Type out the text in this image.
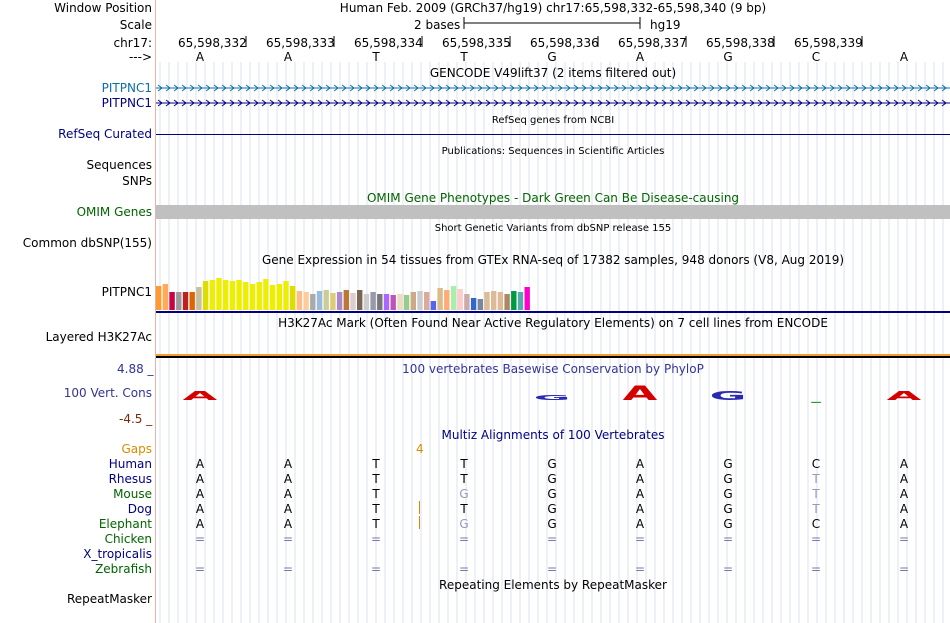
Window Position	Human Feb. 2009 (GRCh37/hg19) chr17:65,598,332-65,598,340 (9 bp)
Scale	2 bases	hg19
chr17: 65,598,332 65,598,333 65,598,334 65,598,335 65,598,336 65,598,337 65,598,338 65,598,339
--->	A	A	T	T	G	A	G	C	A
GENCODE V49lift37 (2 items filtered out)
PITPNC1
PITPNC1
RefSeq genes from NCBI
RefSeq Curated
Publications: Sequences in Scientific Articles
Sequences
SNPs
OMIM Gene Phenotypes - Dark Green Can Be Disease-causing
OMIM Genes
Short Genetic Variants from dbSNP release 155
Common dbSNP(155)
Gene Expression in 54 tissues from GTEx RNA-seq of 17382 samples, 948 donors (V8, Aug 2019)
PITPNC1
H3K27Ac Mark (Often Found Near Active Regulatory Elements) on 7 cell lines from ENCODE
Layered H3K27Ac
100 vertebrates Basewise Conservation by PhyloP
4.88 _
100 Vert. Cons
-4.5 _
A	G A G	_ A
Multiz Alignments of 100 Vertebrates
Gaps	4
Human	A	A	T	T	G	A	G	C	A
Rhesus	A	A	T	T	G	A	G	T	A
Mouse	A	A	T	G	G	A	G	T	A
Dog	A	A	T	T	G	A	G	T	A
Elephant	A	A	T	G	G	A	G	C	A
Chicken	=	=	=	=	=	=	=	=	=
X_tropicalis
Zebrafish	=	=	=	=	=	=	=	=	=
Repeating Elements by RepeatMasker
RepeatMasker
